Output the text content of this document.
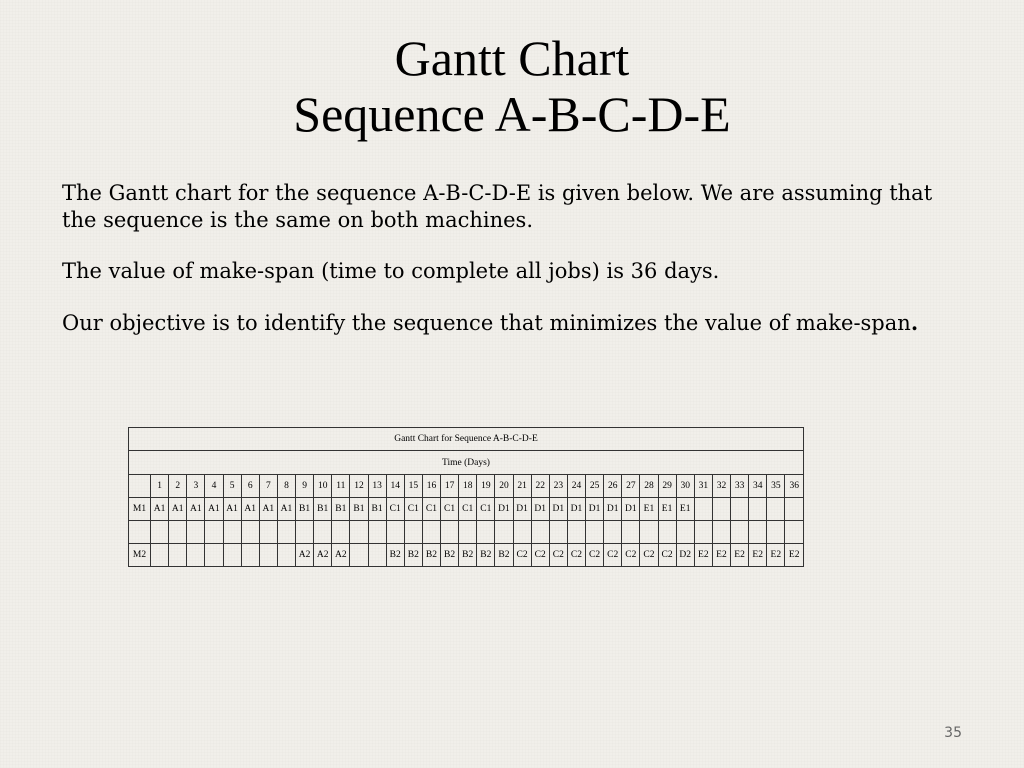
Gantt Chart
Sequence A-B-C-D-E

The Gantt chart for the sequence A-B-C-D-E is given below. We are assuming that the sequence is the same on both machines.

The value of make-span (time to complete all jobs) is 36 days.

Our objective is to identify the sequence that minimizes the value of make-span.

Gantt Chart for Sequence A-B-C-D-E																																				
Time (Days)																																				
	1	2	3	4	5	6	7	8	9	10	11	12	13	14	15	16	17	18	19	20	21	22	23	24	25	26	27	28	29	30	31	32	33	34	35	36
M1	A1	A1	A1	A1	A1	A1	A1	A1	B1	B1	B1	B1	B1	C1	C1	C1	C1	C1	C1	D1	D1	D1	D1	D1	D1	D1	D1	E1	E1	E1						

M2									A2	A2	A2			B2	B2	B2	B2	B2	B2	B2	C2	C2	C2	C2	C2	C2	C2	C2	C2	D2	E2	E2	E2	E2	E2	E2
35
